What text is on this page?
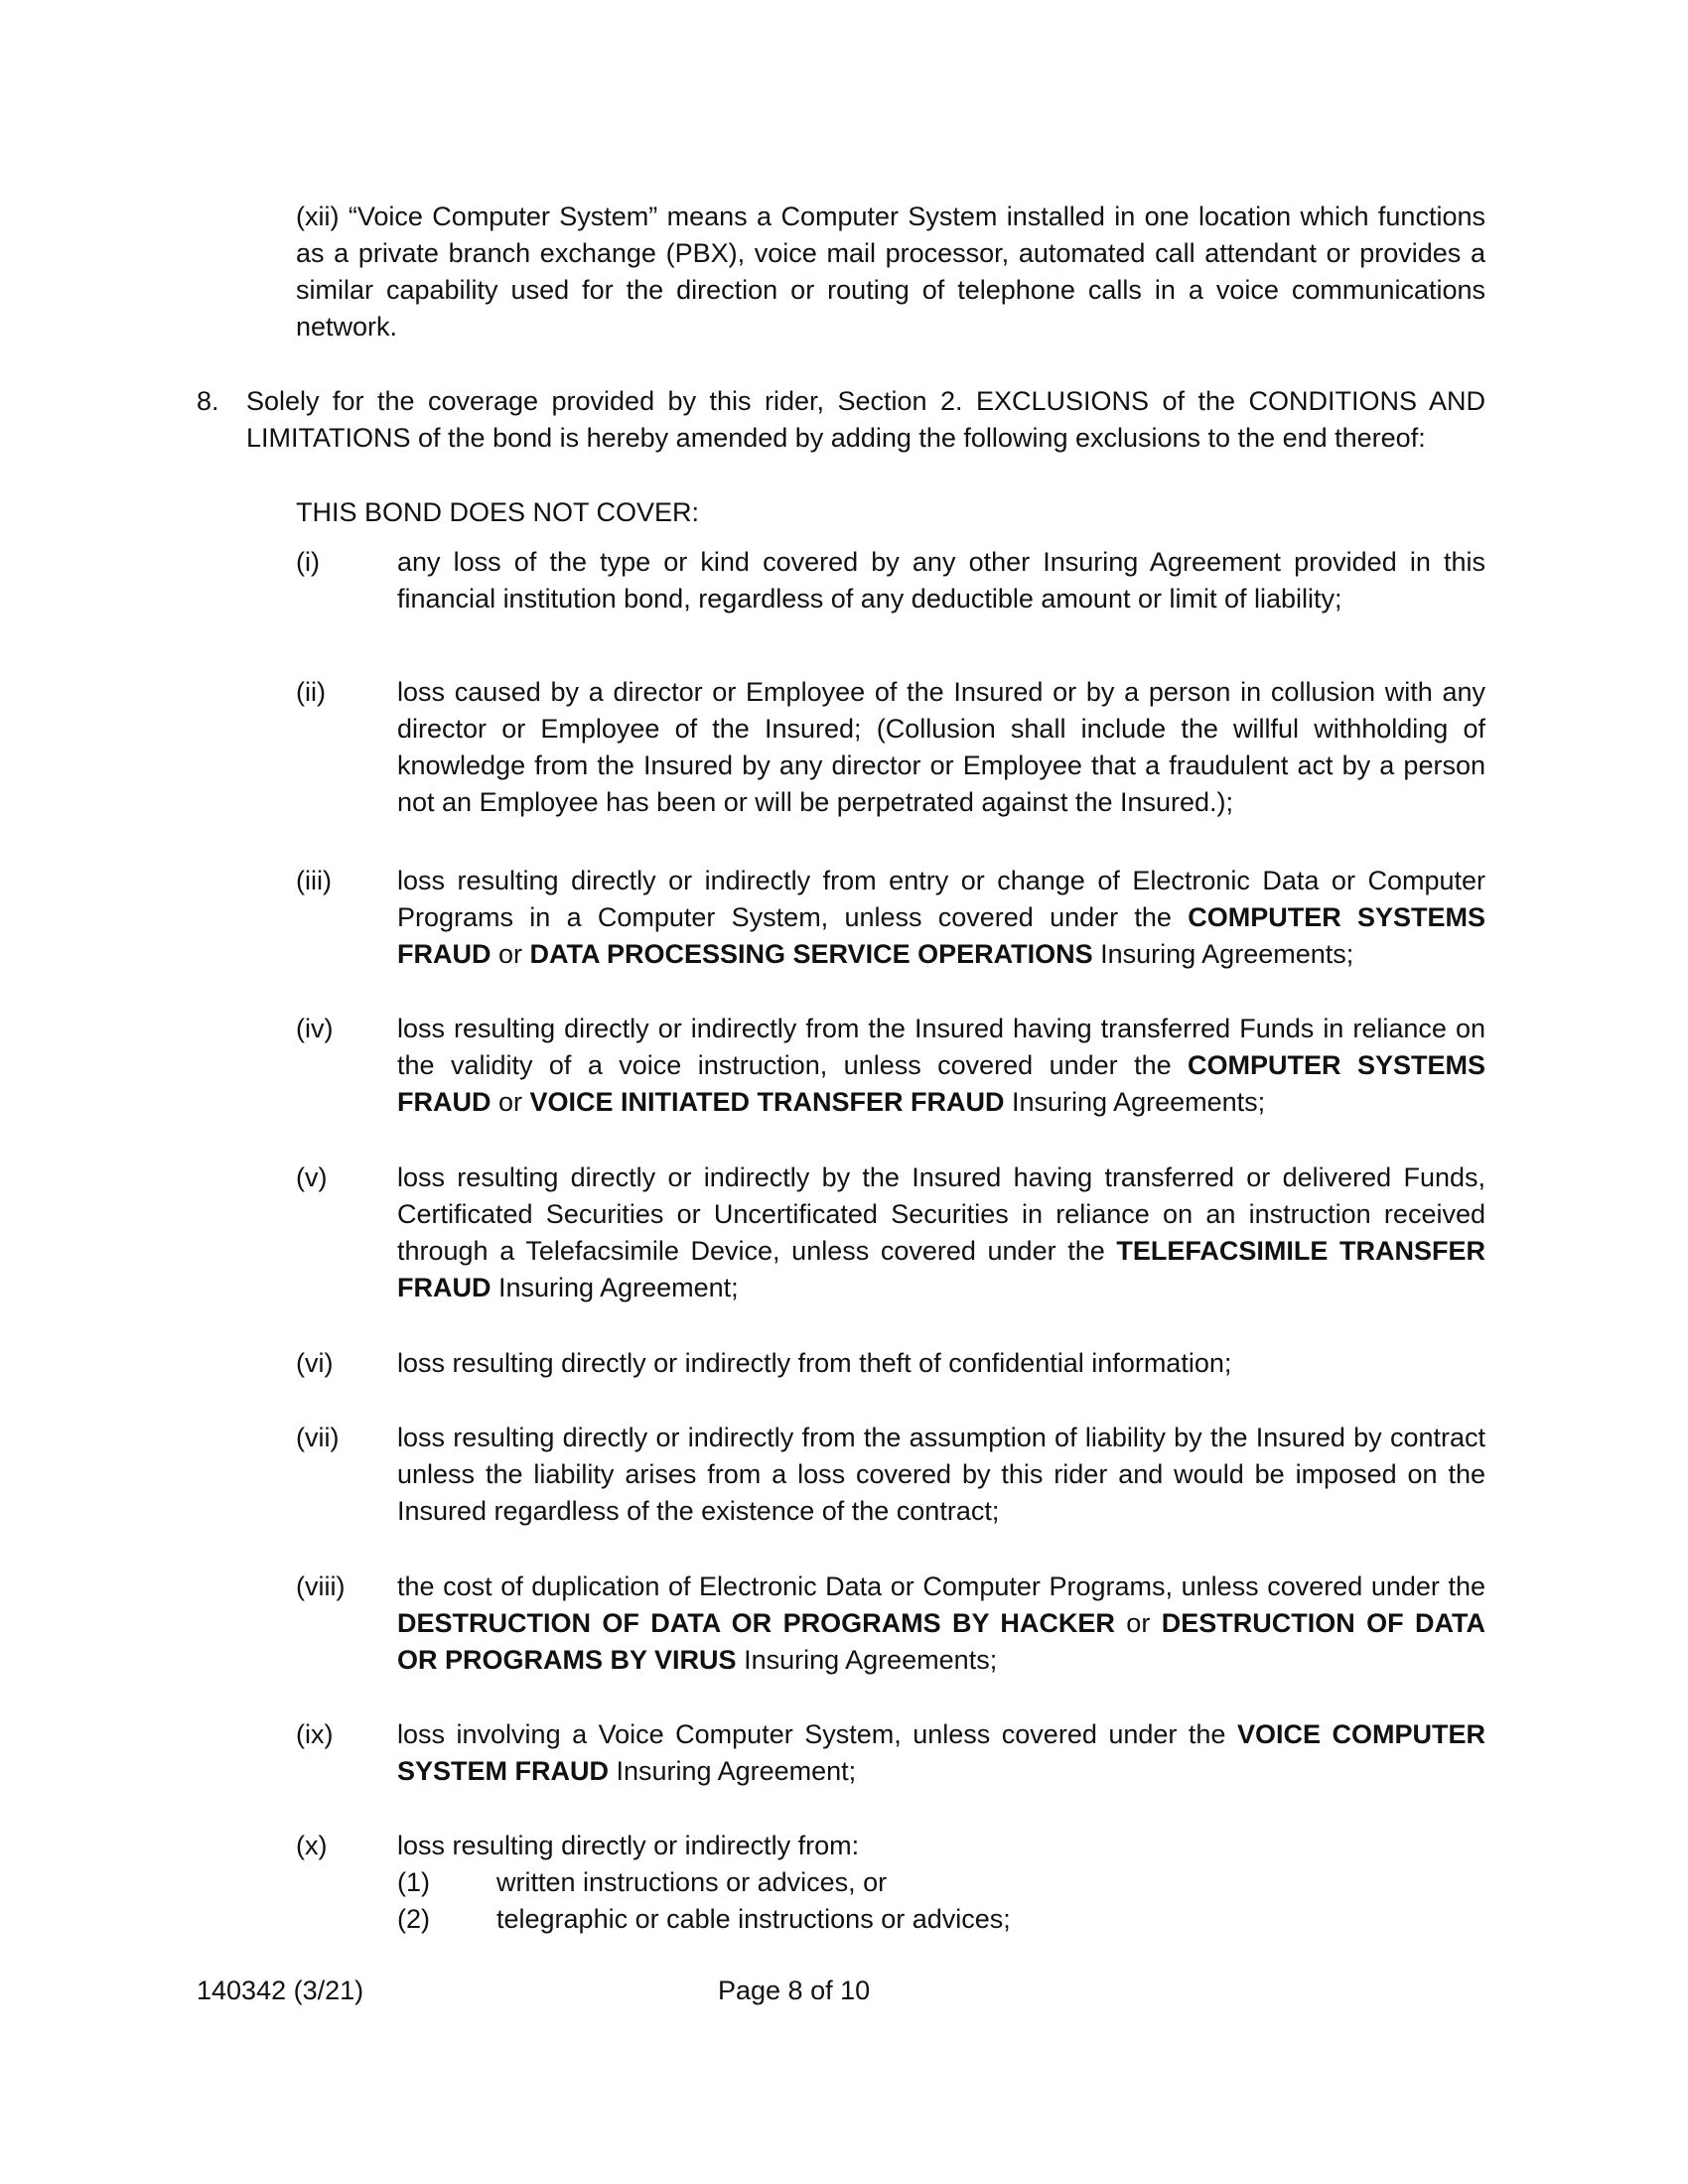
(xii) “Voice Computer System” means a Computer System installed in one location which functions as a private branch exchange (PBX), voice mail processor, automated call attendant or provides a similar capability used for the direction or routing of telephone calls in a voice communications network.
8. Solely for the coverage provided by this rider, Section 2. EXCLUSIONS of the CONDITIONS AND LIMITATIONS of the bond is hereby amended by adding the following exclusions to the end thereof:
THIS BOND DOES NOT COVER:
(i)	any loss of the type or kind covered by any other Insuring Agreement provided in this financial institution bond, regardless of any deductible amount or limit of liability;
(ii)	loss caused by a director or Employee of the Insured or by a person in collusion with any director or Employee of the Insured; (Collusion shall include the willful withholding of knowledge from the Insured by any director or Employee that a fraudulent act by a person not an Employee has been or will be perpetrated against the Insured.);
(iii) loss resulting directly or indirectly from entry or change of Electronic Data or Computer Programs in a Computer System, unless covered under the COMPUTER SYSTEMS FRAUD or DATA PROCESSING SERVICE OPERATIONS Insuring Agreements;
(iv) loss resulting directly or indirectly from the Insured having transferred Funds in reliance on the validity of a voice instruction, unless covered under the COMPUTER SYSTEMS FRAUD or VOICE INITIATED TRANSFER FRAUD Insuring Agreements;
(v)	loss resulting directly or indirectly by the Insured having transferred or delivered Funds, Certificated Securities or Uncertificated Securities in reliance on an instruction received through a Telefacsimile Device, unless covered under the TELEFACSIMILE TRANSFER FRAUD Insuring Agreement;
(vi) loss resulting directly or indirectly from theft of confidential information;
(vii) loss resulting directly or indirectly from the assumption of liability by the Insured by contract unless the liability arises from a loss covered by this rider and would be imposed on the Insured regardless of the existence of the contract;
(viii) the cost of duplication of Electronic Data or Computer Programs, unless covered under the DESTRUCTION OF DATA OR PROGRAMS BY HACKER or DESTRUCTION OF DATA OR PROGRAMS BY VIRUS Insuring Agreements;
(ix) loss involving a Voice Computer System, unless covered under the VOICE COMPUTER SYSTEM FRAUD Insuring Agreement;
(x)	loss resulting directly or indirectly from:
(1) written instructions or advices, or
(2) telegraphic or cable instructions or advices;
140342 (3/21)	Page 8 of 10
